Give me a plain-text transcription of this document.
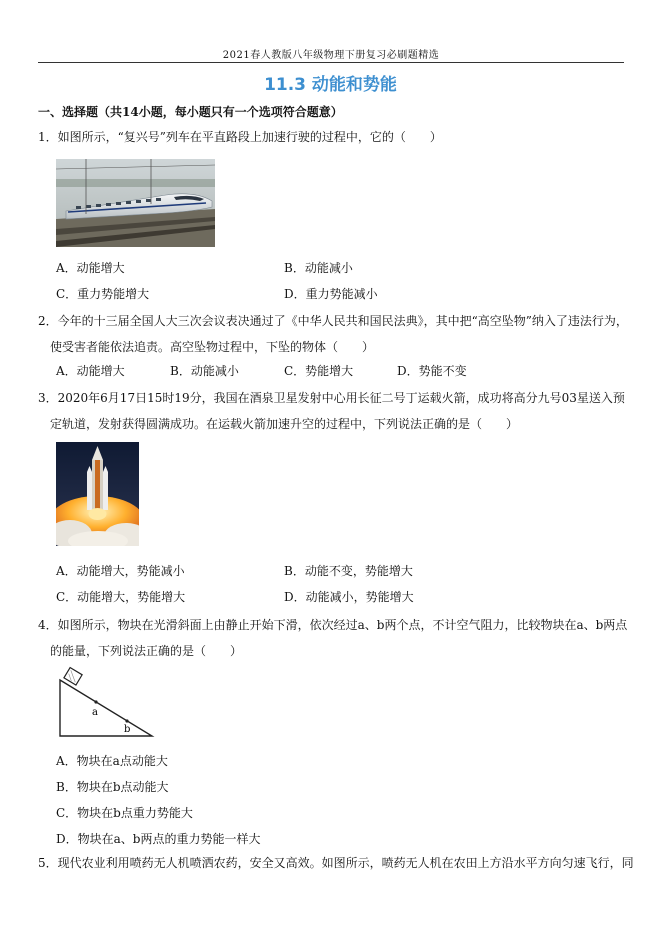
2021春人教版八年级物理下册复习必刷题精选
11.3 动能和势能
一、选择题（共14小题，每小题只有一个选项符合题意）
1．如图所示，“复兴号”列车在平直路段上加速行驶的过程中，它的（　　）
A．动能增大	B．动能减小
C．重力势能增大	D．重力势能减小
2．今年的十三届全国人大三次会议表决通过了《中华人民共和国民法典》，其中把“高空坠物”纳入了违法行为，
使受害者能依法追责。高空坠物过程中，下坠的物体（　　）
A．动能增大	B．动能减小	C．势能增大	D．势能不变
3．2020年6月17日15时19分，我国在酒泉卫星发射中心用长征二号丁运载火箭，成功将高分九号03星送入预
定轨道，发射获得圆满成功。在运载火箭加速升空的过程中，下列说法正确的是（　　）
A．动能增大，势能减小	B．动能不变，势能增大
C．动能增大，势能增大	D．动能减小，势能增大
4．如图所示，物块在光滑斜面上由静止开始下滑，依次经过a、b两个点，不计空气阻力，比较物块在a、b两点
的能量，下列说法正确的是（　　）
a
b
A．物块在a点动能大
B．物块在b点动能大
C．物块在b点重力势能大
D．物块在a、b两点的重力势能一样大
5．现代农业利用喷药无人机喷洒农药，安全又高效。如图所示，喷药无人机在农田上方沿水平方向匀速飞行，同
